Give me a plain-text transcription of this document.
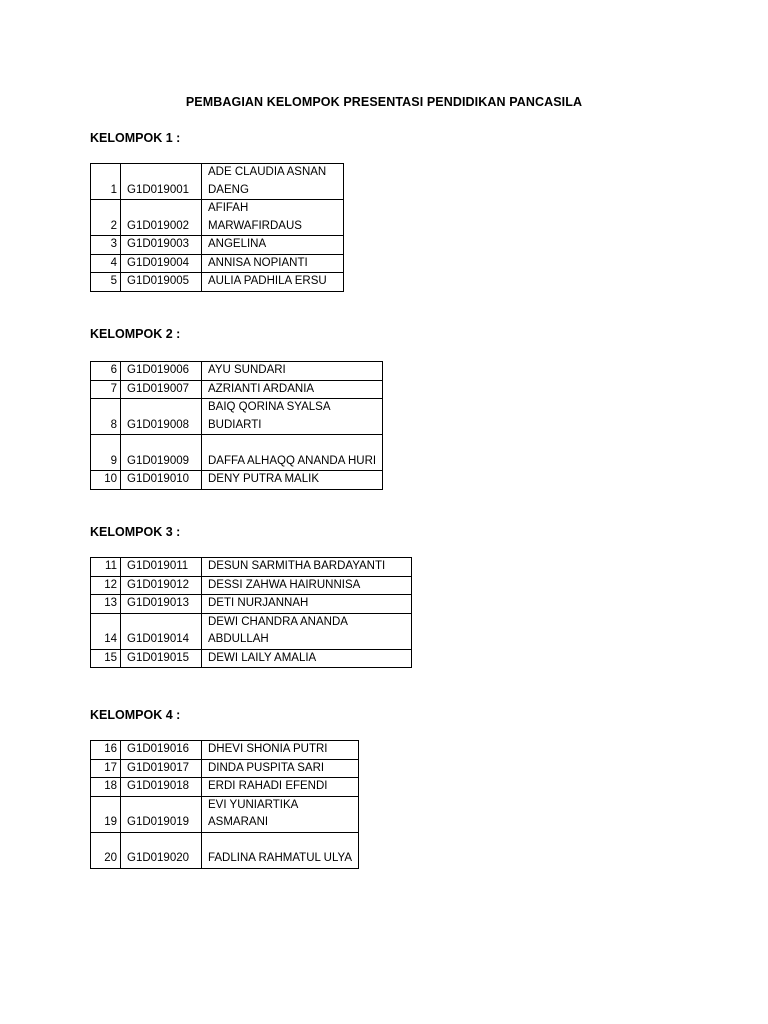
PEMBAGIAN KELOMPOK PRESENTASI PENDIDIKAN PANCASILA
KELOMPOK 1 :
1	G1D019001	ADE CLAUDIA ASNAN DAENG
2	G1D019002	AFIFAH MARWAFIRDAUS
3	G1D019003	ANGELINA
4	G1D019004	ANNISA NOPIANTI
5	G1D019005	AULIA PADHILA ERSU
KELOMPOK 2 :
6	G1D019006	AYU SUNDARI
7	G1D019007	AZRIANTI ARDANIA
8	G1D019008	BAIQ QORINA SYALSA BUDIARTI
9	G1D019009	DAFFA ALHAQQ ANANDA HURI
10	G1D019010	DENY PUTRA MALIK
KELOMPOK 3 :
11	G1D019011	DESUN SARMITHA BARDAYANTI
12	G1D019012	DESSI ZAHWA HAIRUNNISA
13	G1D019013	DETI NURJANNAH
14	G1D019014	DEWI CHANDRA ANANDA ABDULLAH
15	G1D019015	DEWI LAILY AMALIA
KELOMPOK 4 :
16	G1D019016	DHEVI SHONIA PUTRI
17	G1D019017	DINDA PUSPITA SARI
18	G1D019018	ERDI RAHADI EFENDI
19	G1D019019	EVI YUNIARTIKA ASMARANI
20	G1D019020	FADLINA RAHMATUL ULYA
